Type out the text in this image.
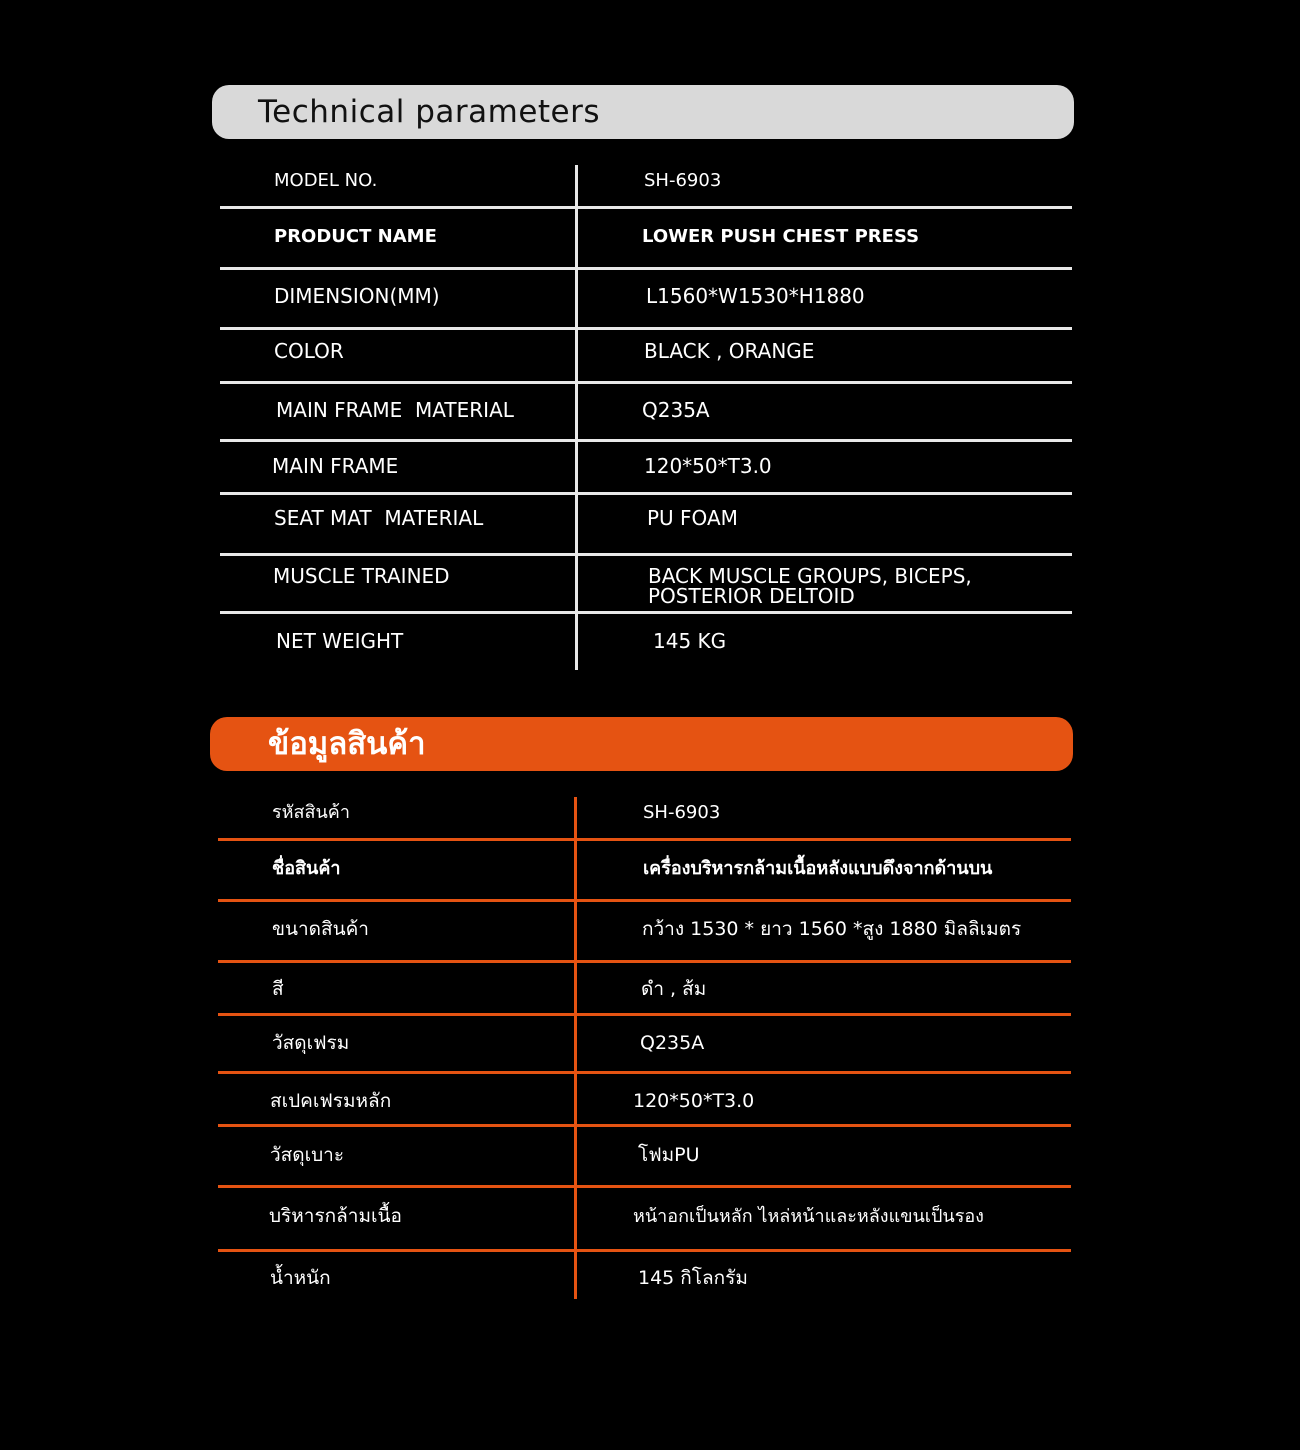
Technical parameters
MODEL NO.	SH-6903
PRODUCT NAME	LOWER PUSH CHEST PRESS
DIMENSION(MM)	L1560*W1530*H1880
COLOR	BLACK , ORANGE
MAIN FRAME  MATERIAL	Q235A
MAIN FRAME	120*50*T3.0
SEAT MAT  MATERIAL	PU FOAM
MUSCLE TRAINED	BACK MUSCLE GROUPS, BICEPS, POSTERIOR DELTOID
NET WEIGHT	145 KG
ข้อมูลสินค้า
รหัสสินค้า	SH-6903
ชื่อสินค้า	เครื่องบริหารกล้ามเนื้อหลังแบบดึงจากด้านบน
ขนาดสินค้า	กว้าง 1530 * ยาว 1560 *สูง 1880 มิลลิเมตร
สี	ดำ , ส้ม
วัสดุเฟรม	Q235A
สเปคเฟรมหลัก	120*50*T3.0
วัสดุเบาะ	โฟมPU
บริหารกล้ามเนื้อ	หน้าอกเป็นหลัก ไหล่หน้าและหลังแขนเป็นรอง
น้ำหนัก	145 กิโลกรัม
